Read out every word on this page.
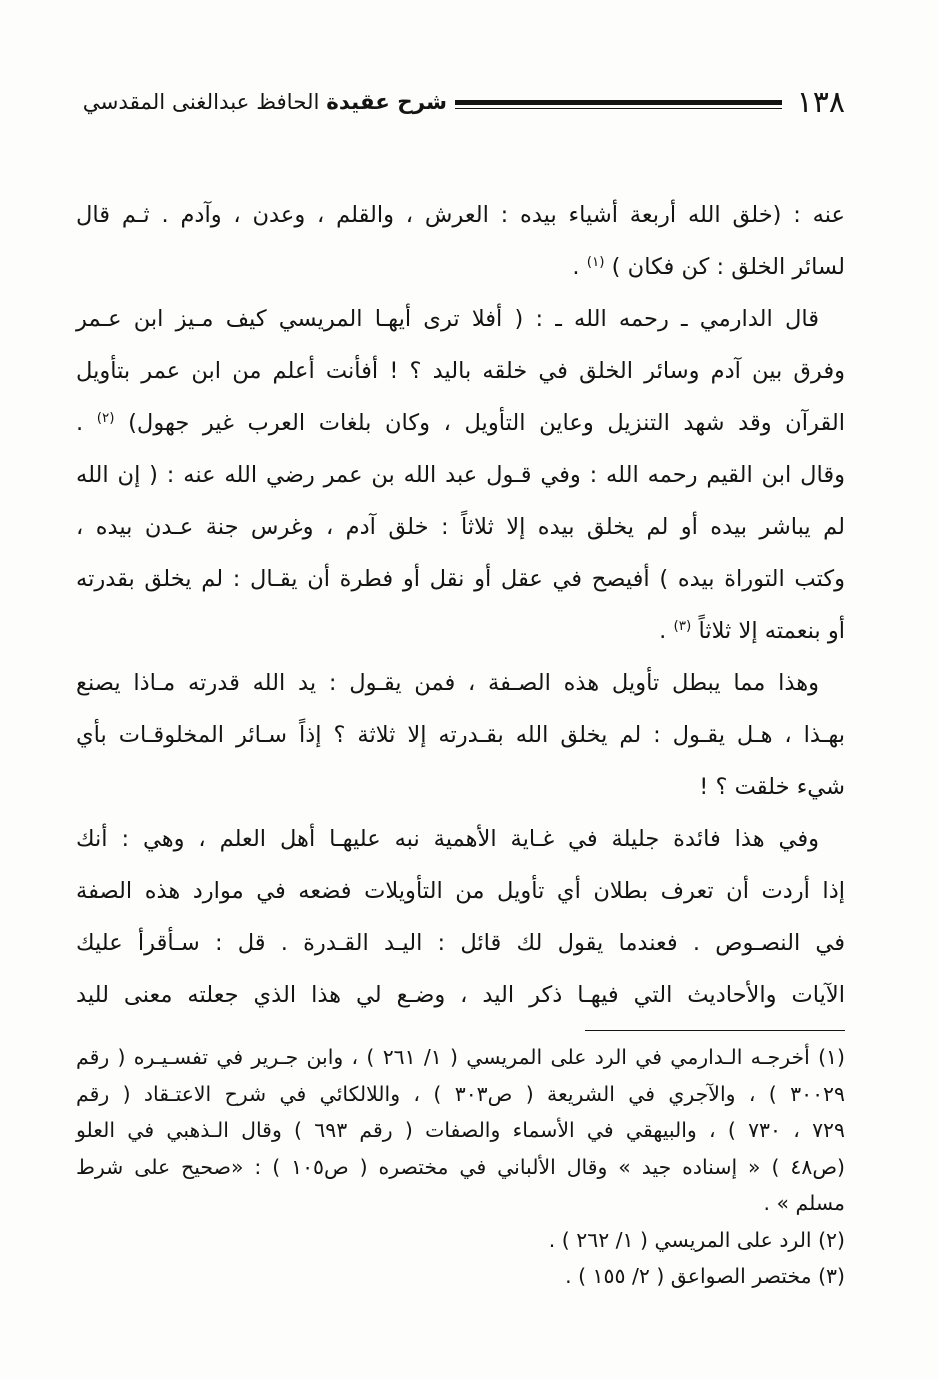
١٣٨
شرح عقيدة الحافظ عبدالغنى المقدسي
عنه : (خلق الله أربعة أشياء بيده : العرش ، والقلم ، وعدن ، وآدم . ثـم قال
لسائر الخلق : كن فكان ) $^{(١)}$ .
قال الدارمي ـ رحمه الله ـ : ( أفلا ترى أيهـا المريسي كيف مـيز ابن عـمر
وفرق بين آدم وسائر الخلق في خلقه باليد ؟ ! أفأنت أعلم من ابن عمر بتأويل
القرآن وقد شهد التنزيل وعاين التأويل ، وكان بلغات العرب غير جهول) $^{(٢)}$ .
وقال ابن القيم رحمه الله : وفي قـول عبد الله بن عمر رضي الله عنه : ( إن الله
لم يباشر بيده أو لم يخلق بيده إلا ثلاثاً : خلق آدم ، وغرس جنة عـدن بيده ،
وكتب التوراة بيده ) أفيصح في عقل أو نقل أو فطرة أن يقـال : لم يخلق بقدرته
أو بنعمته إلا ثلاثاً $^{(٣)}$ .
وهذا مما يبطل تأويل هذه الصـفة ، فمن يقـول : يد الله قدرته مـاذا يصنع
بهـذا ، هـل يقـول : لم يخلق الله بقـدرته إلا ثلاثة ؟ إذاً سـائر المخلوقـات بأي
شيء خلقت ؟ !
وفي هذا فائدة جليلة في غـاية الأهمية نبه عليهـا أهل العلم ، وهي : أنك
إذا أردت أن تعرف بطلان أي تأويل من التأويلات فضعه في موارد هذه الصفة
في النصـوص . فعندما يقول لك قائل : اليـد القـدرة . قل : سـأقرأ عليك
الآيات والأحاديث التي فيهـا ذكر اليد ، وضـع لي هذا الذي جعلته معنى لليد
(١) أخرجـه الـدارمي في الرد على المريسي ( ١/ ٢٦١ ) ، وابن جـرير في تفسـيـره ( رقم
٣٠٠٢٩ ) ، والآجري في الشريعة ( ص٣٠٣ ) ، واللالكائي في شرح الاعتـقاد ( رقم
٧٢٩ ، ٧٣٠ ) ، والبيهقي في الأسماء والصفات ( رقم ٦٩٣ ) وقال الـذهبي في العلو
(ص٤٨ ) « إسناده جيد » وقال الألباني في مختصره ( ص١٠٥ ) : «صحيح على شرط
مسلم » .
(٢) الرد على المريسي ( ١/ ٢٦٢ ) .
(٣) مختصر الصواعق ( ٢/ ١٥٥ ) .
